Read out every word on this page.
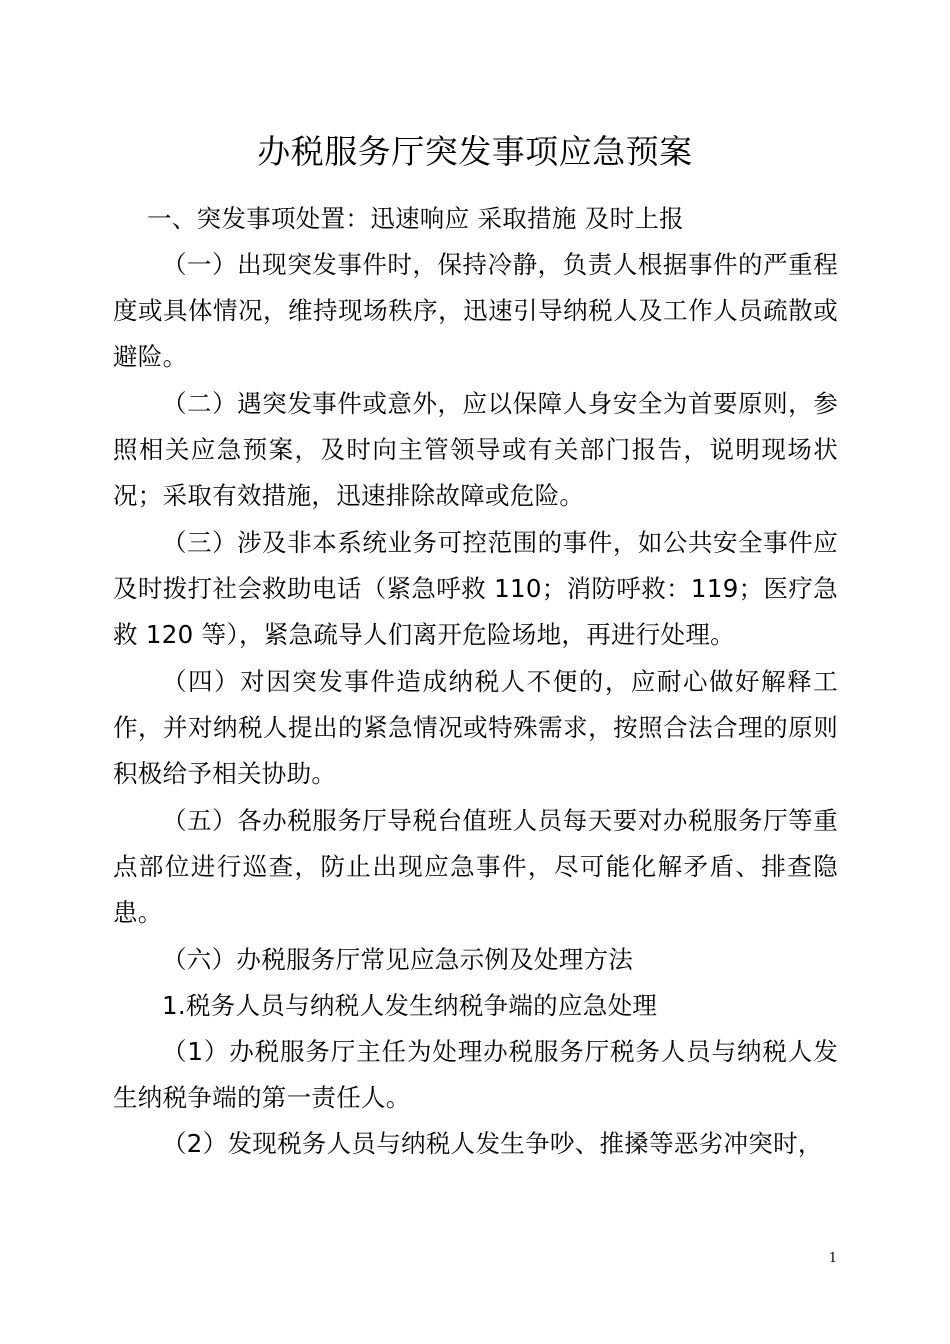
办税服务厅突发事项应急预案

一、突发事项处置：迅速响应 采取措施 及时上报

（一）出现突发事件时，保持冷静，负责人根据事件的严重程度或具体情况，维持现场秩序，迅速引导纳税人及工作人员疏散或避险。

（二）遇突发事件或意外，应以保障人身安全为首要原则，参照相关应急预案，及时向主管领导或有关部门报告，说明现场状况；采取有效措施，迅速排除故障或危险。

（三）涉及非本系统业务可控范围的事件，如公共安全事件应及时拨打社会救助电话（紧急呼救 110；消防呼救：119；医疗急救 120 等），紧急疏导人们离开危险场地，再进行处理。

（四）对因突发事件造成纳税人不便的，应耐心做好解释工作，并对纳税人提出的紧急情况或特殊需求，按照合法合理的原则积极给予相关协助。

（五）各办税服务厅导税台值班人员每天要对办税服务厅等重点部位进行巡查，防止出现应急事件，尽可能化解矛盾、排查隐患。

（六）办税服务厅常见应急示例及处理方法

1.税务人员与纳税人发生纳税争端的应急处理

（1）办税服务厅主任为处理办税服务厅税务人员与纳税人发生纳税争端的第一责任人。

（2）发现税务人员与纳税人发生争吵、推搡等恶劣冲突时，

1
